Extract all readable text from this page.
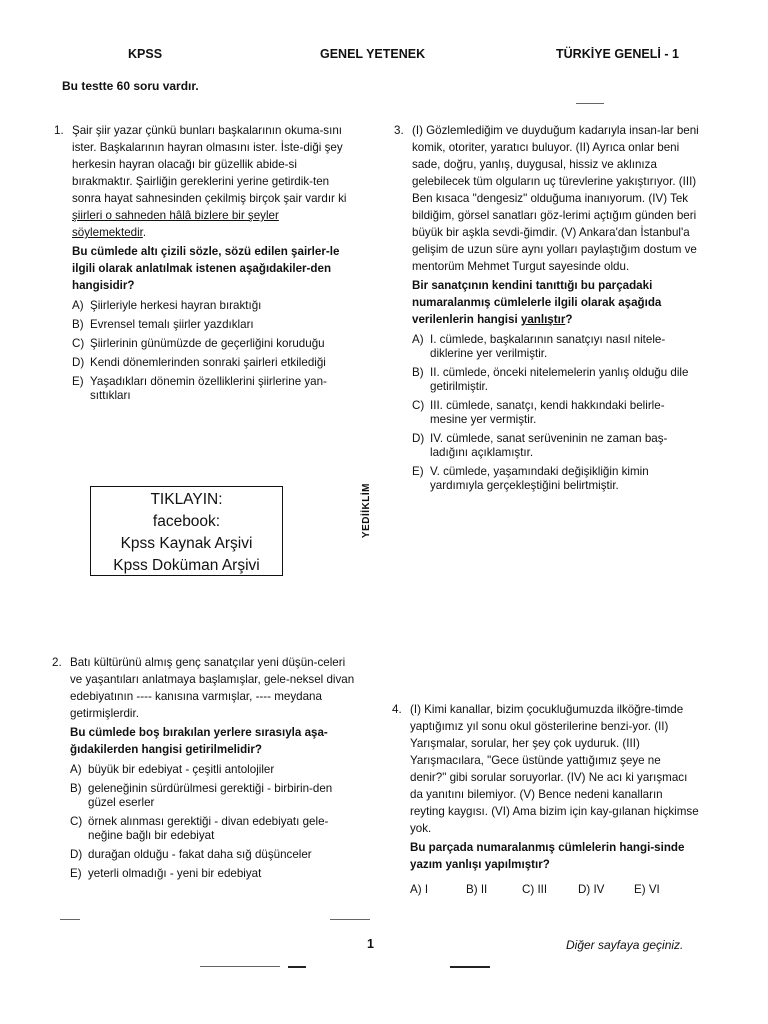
KPSS	GENEL YETENEK	TÜRKİYE GENELİ - 1
Bu testte 60 soru vardır.
1. Şair şiir yazar çünkü bunları başkalarının okuma-sını ister. Başkalarının hayran olmasını ister. İste-diği şey herkesin hayran olacağı bir güzellik abide-si bırakmaktır. Şairliğin gereklerini yerine getirdik-ten sonra hayat sahnesinden çekilmiş birçok şair vardır ki şiirleri o sahneden hâlâ bizlere bir şeyler söylemektedir.

Bu cümlede altı çizili sözle, sözü edilen şairler-le ilgili olarak anlatılmak istenen aşağıdakiler-den hangisidir?

A) Şiirleriyle herkesi hayran bıraktığı
B) Evrensel temalı şiirler yazdıkları
C) Şiirlerinin günümüzde de geçerliğini koruduğu
D) Kendi dönemlerinden sonraki şairleri etkilediği
E) Yaşadıkları dönemin özelliklerini şiirlerine yan-sıttıkları
TIKLAYIN:
facebook:
Kpss Kaynak Arşivi
Kpss Doküman Arşivi
YEDİİKLİM
2. Batı kültürünü almış genç sanatçılar yeni düşün-celeri ve yaşantıları anlatmaya başlamışlar, gele-neksel divan edebiyatının ---- kanısına varmışlar, ---- meydana getirmişlerdir.

Bu cümlede boş bırakılan yerlere sırasıyla aşa-ğıdakilerden hangisi getirilmelidir?

A) büyük bir edebiyat - çeşitli antolojiler
B) geleneğinin sürdürülmesi gerektiği - birbirin-den güzel eserler
C) örnek alınması gerektiği - divan edebiyatı gele-neğine bağlı bir edebiyat
D) durağan olduğu - fakat daha sığ düşünceler
E) yeterli olmadığı - yeni bir edebiyat
3. (I) Gözlemlediğim ve duyduğum kadarıyla insan-lar beni komik, otoriter, yaratıcı buluyor. (II) Ayrıca onlar beni sade, doğru, yanlış, duygusal, hissiz ve aklınıza gelebilecek tüm olguların uç türevlerine yakıştırıyor. (III) Ben kısaca "dengesiz" olduğuma inanıyorum. (IV) Tek bildiğim, görsel sanatları göz-lerimi açtığım günden beri büyük bir aşkla sevdi-ğimdir. (V) Ankara'dan İstanbul'a gelişim de uzun süre aynı yolları paylaştığım dostum ve mentorüm Mehmet Turgut sayesinde oldu.

Bir sanatçının kendini tanıttığı bu parçadaki numaralanmış cümlelerle ilgili olarak aşağıda verilenlerin hangisi yanlıştır?

A) I. cümlede, başkalarının sanatçıyı nasıl nitele-diklerine yer verilmiştir.
B) II. cümlede, önceki nitelemelerin yanlış olduğu dile getirilmiştir.
C) III. cümlede, sanatçı, kendi hakkındaki belirle-mesine yer vermiştir.
D) IV. cümlede, sanat serüveninin ne zaman baş-ladığını açıklamıştır.
E) V. cümlede, yaşamındaki değişikliğin kimin yardımıyla gerçekleştiğini belirtmiştir.
4. (I) Kimi kanallar, bizim çocukluğumuzda ilköğre-timde yaptığımız yıl sonu okul gösterilerine benzi-yor. (II) Yarışmalar, sorular, her şey çok uyduruk. (III) Yarışmacılara, "Gece üstünde yattığımız şeye ne denir?" gibi sorular soruyorlar. (IV) Ne acı ki yarışmacı da yanıtını bilemiyor. (V) Bence nedeni kanalların reyting kaygısı. (VI) Ama bizim için kay-gılanan hiçkimse yok.

Bu parçada numaralanmış cümlelerin hangi-sinde yazım yanlışı yapılmıştır?

A) I	B) II	C) III	D) IV	E) VI
1	Diğer sayfaya geçiniz.
